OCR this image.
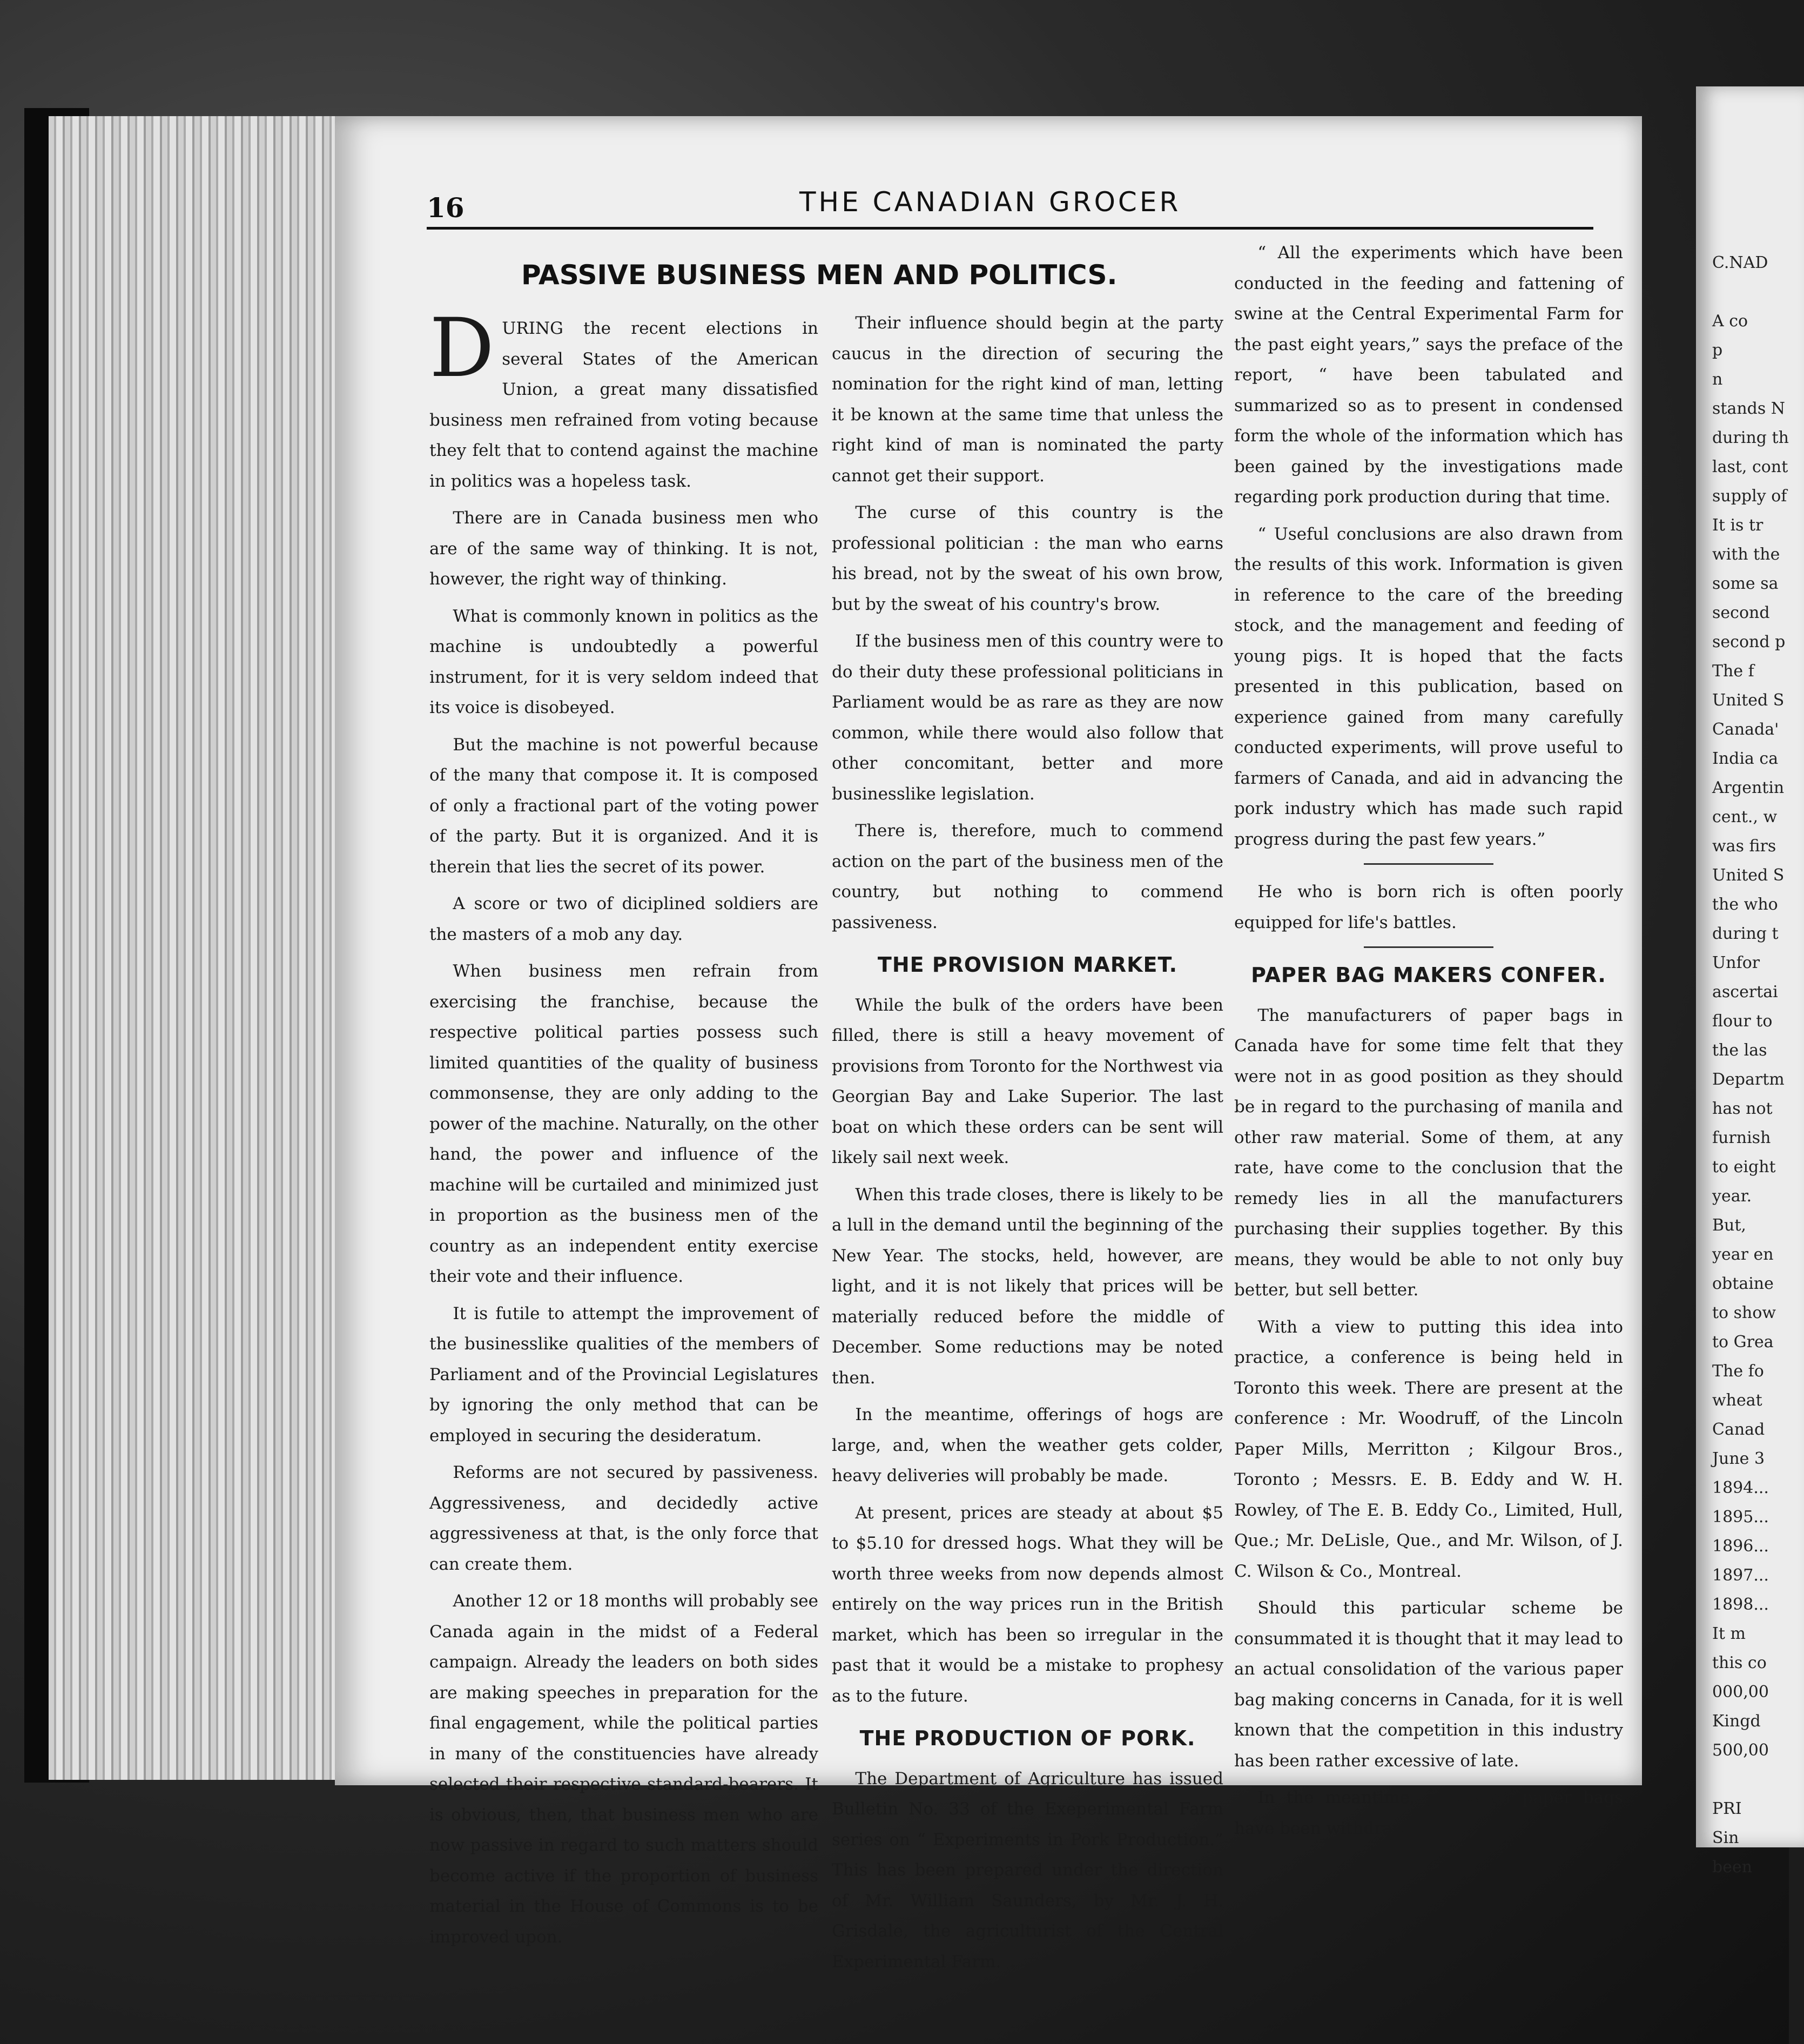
16	THE CANADIAN GROCER
PASSIVE BUSINESS MEN AND POLITICS.

DURING the recent elections in several States of the American Union, a great many dissatisfied business men refrained from voting because they felt that to contend against the machine in politics was a hopeless task.

There are in Canada business men who are of the same way of thinking. It is not, however, the right way of thinking.

What is commonly known in politics as the machine is undoubtedly a powerful instrument, for it is very seldom indeed that its voice is disobeyed.

But the machine is not powerful because of the many that compose it. It is composed of only a fractional part of the voting power of the party. But it is organized. And it is therein that lies the secret of its power.

A score or two of diciplined soldiers are the masters of a mob any day.

When business men refrain from exercising the franchise, because the respective political parties possess such limited quantities of the quality of business commonsense, they are only adding to the power of the machine. Naturally, on the other hand, the power and influence of the machine will be curtailed and minimized just in proportion as the business men of the country as an independent entity exercise their vote and their influence.

It is futile to attempt the improvement of the businesslike qualities of the members of Parliament and of the Provincial Legislatures by ignoring the only method that can be employed in securing the desideratum.

Reforms are not secured by passiveness. Aggressiveness, and decidedly active aggressiveness at that, is the only force that can create them.

Another 12 or 18 months will probably see Canada again in the midst of a Federal campaign. Already the leaders on both sides are making speeches in preparation for the final engagement, while the political parties in many of the constituencies have already selected their respective standard-bearers. It is obvious, then, that business men who are now passive in regard to such matters should become active if the proportion of business material in the House of Commons is to be improved upon.

Their influence should begin at the party caucus in the direction of securing the nomination for the right kind of man, letting it be known at the same time that unless the right kind of man is nominated the party cannot get their support.

The curse of this country is the professional politician : the man who earns his bread, not by the sweat of his own brow, but by the sweat of his country's brow.

If the business men of this country were to do their duty these professional politicians in Parliament would be as rare as they are now common, while there would also follow that other concomitant, better and more businesslike legislation.

There is, therefore, much to commend action on the part of the business men of the country, but nothing to commend passiveness.

THE PROVISION MARKET.

While the bulk of the orders have been filled, there is still a heavy movement of provisions from Toronto for the Northwest via Georgian Bay and Lake Superior. The last boat on which these orders can be sent will likely sail next week.

When this trade closes, there is likely to be a lull in the demand until the beginning of the New Year. The stocks, held, however, are light, and it is not likely that prices will be materially reduced before the middle of December. Some reductions may be noted then.

In the meantime, offerings of hogs are large, and, when the weather gets colder, heavy deliveries will probably be made.

At present, prices are steady at about $5 to $5.10 for dressed hogs. What they will be worth three weeks from now depends almost entirely on the way prices run in the British market, which has been so irregular in the past that it would be a mistake to prophesy as to the future.

THE PRODUCTION OF PORK.

The Department of Agriculture has issued Bulletin No. 33 of the Exeperimental Farm series on “ Experiments in Pork Production.” This has been prepared under the direction of Mr. William Saunders, by Mr. J. H. Grisdale, the agriculturist of the Central Experimental Farm.

“ All the experiments which have been conducted in the feeding and fattening of swine at the Central Experimental Farm for the past eight years,” says the preface of the report, “ have been tabulated and summarized so as to present in condensed form the whole of the information which has been gained by the investigations made regarding pork production during that time.

“ Useful conclusions are also drawn from the results of this work. Information is given in reference to the care of the breeding stock, and the management and feeding of young pigs. It is hoped that the facts presented in this publication, based on experience gained from many carefully conducted experiments, will prove useful to farmers of Canada, and aid in advancing the pork industry which has made such rapid progress during the past few years.”

He who is born rich is often poorly equipped for life's battles.

PAPER BAG MAKERS CONFER.

The manufacturers of paper bags in Canada have for some time felt that they were not in as good position as they should be in regard to the purchasing of manila and other raw material. Some of them, at any rate, have come to the conclusion that the remedy lies in all the manufacturers purchasing their supplies together. By this means, they would be able to not only buy better, but sell better.

With a view to putting this idea into practice, a conference is being held in Toronto this week. There are present at the conference : Mr. Woodruff, of the Lincoln Paper Mills, Merritton ; Kilgour Bros., Toronto ; Messrs. E. B. Eddy and W. H. Rowley, of The E. B. Eddy Co., Limited, Hull, Que.; Mr. DeLisle, Que., and Mr. Wilson, of J. C. Wilson & Co., Montreal.

Should this particular scheme be consummated it is thought that it may lead to an actual consolidation of the various paper bag making concerns in Canada, for it is well known that the competition in this industry has been rather excessive of late.

In the meantime, prices on paper bags have been withdrawn.

C.NAD

A co
p
n
stands N
during th
last, cont
supply of
It is tr
with the
some sa
second
second p
The f
United S
Canada'
India ca
Argentin
cent., w
was firs
United S
the who
during t
Unfor
ascertai
flour to
the las
Departm
has not
furnish
to eight
year.
But,
year en
obtaine
to show
to Grea
The fo
wheat
Canad
June 3
1894...
1895...
1896...
1897...
1898...
It m
this co
000,00
Kingd
500,00

PRI
Sin
been
